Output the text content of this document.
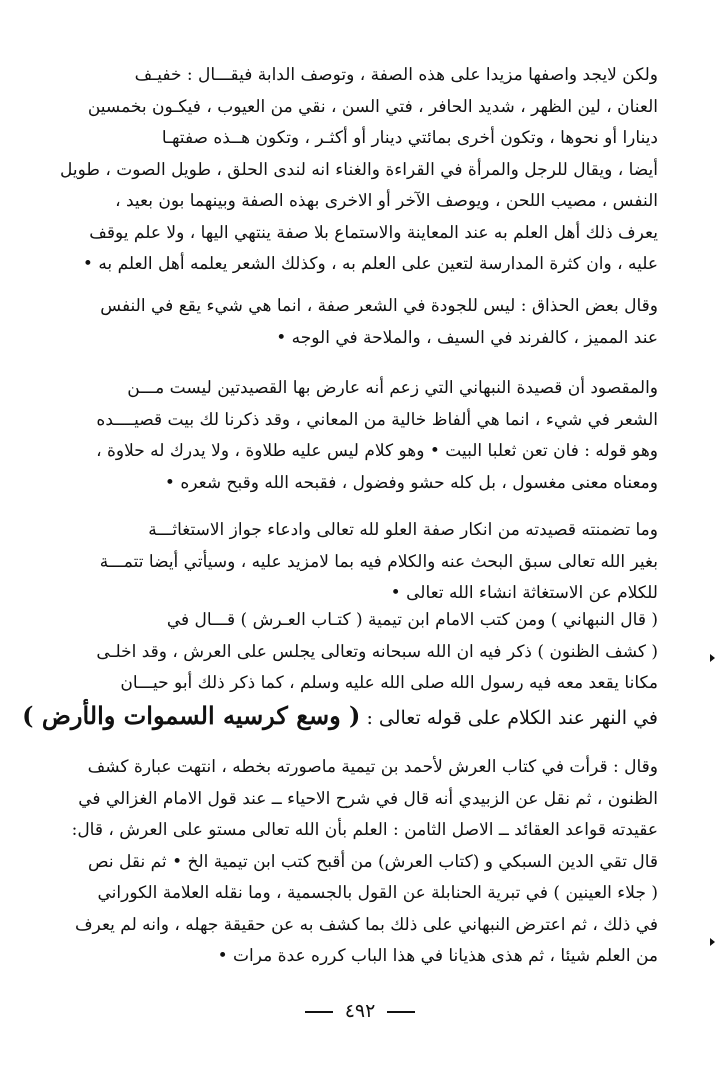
ولكن لايجد واصفها مزيدا على هذه الصفة ، وتوصف الدابة فيقـــال : خفيـف
العنان ، لين الظهر ، شديد الحافر ، فتي السن ، نقي من العيوب ، فيكـون بخمسين
دينارا أو نحوها ، وتكون أخرى بمائتي دينار أو أكثـر ، وتكون هــذه صفتهـا
أيضا ، ويقال للرجل والمرأة في القراءة والغناء انه لندى الحلق ، طويل الصوت ، طويل
النفس ، مصيب اللحن ، ويوصف الآخر أو الاخرى بهذه الصفة وبينهما بون بعيد ،
يعرف ذلك أهل العلم به عند المعاينة والاستماع بلا صفة ينتهي اليها ، ولا علم يوقف
عليه ، وان كثرة المدارسة لتعين على العلم به ، وكذلك الشعر يعلمه أهل العلم به •
وقال بعض الحذاق : ليس للجودة في الشعر صفة ، انما هي شيء يقع في النفس
عند المميز ، كالفرند في السيف ، والملاحة في الوجه •
والمقصود أن قصيدة النبهاني التي زعم أنه عارض بها القصيدتين ليست مـــن
الشعر في شيء ، انما هي ألفاظ خالية من المعاني ، وقد ذكرنا لك بيت قصيــــده
وهو قوله : فان تعن ثعلبا البيت • وهو كلام ليس عليه طلاوة ، ولا يدرك له حلاوة ،
ومعناه معنى مغسول ، بل كله حشو وفضول ، فقبحه الله وقبح شعره •
وما تضمنته قصيدته من انكار صفة العلو لله تعالى وادعاء جواز الاستغاثـــة
بغير الله تعالى سبق البحث عنه والكلام فيه بما لامزيد عليه ، وسيأتي أيضا تتمـــة
للكلام عن الاستغاثة انشاء الله تعالى •
( قال النبهاني ) ومن كتب الامام ابن تيمية ( كتـاب العـرش ) قـــال في
( كشف الظنون ) ذكر فيه ان الله سبحانه وتعالى يجلس على العرش ، وقد اخلـى
مكانا يقعد معه فيه رسول الله صلى الله عليه وسلم ، كما ذكر ذلك أبو حيـــان
في النهر عند الكلام على قوله تعالى : ( وسع كرسيه السموات والأرض )
وقال : قرأت في كتاب العرش لأحمد بن تيمية ماصورته بخطه ، انتهت عبارة كشف
الظنون ، ثم نقل عن الزبيدي أنه قال في شرح الاحياء ــ عند قول الامام الغزالي في
عقيدته قواعد العقائد ــ الاصل الثامن : العلم بأن الله تعالى مستو على العرش ، قال:
قال تقي الدين السبكي و (كتاب العرش) من أقبح كتب ابن تيمية الخ • ثم نقل نص
( جلاء العينين ) في تبرية الحنابلة عن القول بالجسمية ، وما نقله العلامة الكوراني
في ذلك ، ثم اعترض النبهاني على ذلك بما كشف به عن حقيقة جهله ، وانه لم يعرف
من العلم شيئا ، ثم هذى هذيانا في هذا الباب كرره عدة مرات •
٤٩٢
